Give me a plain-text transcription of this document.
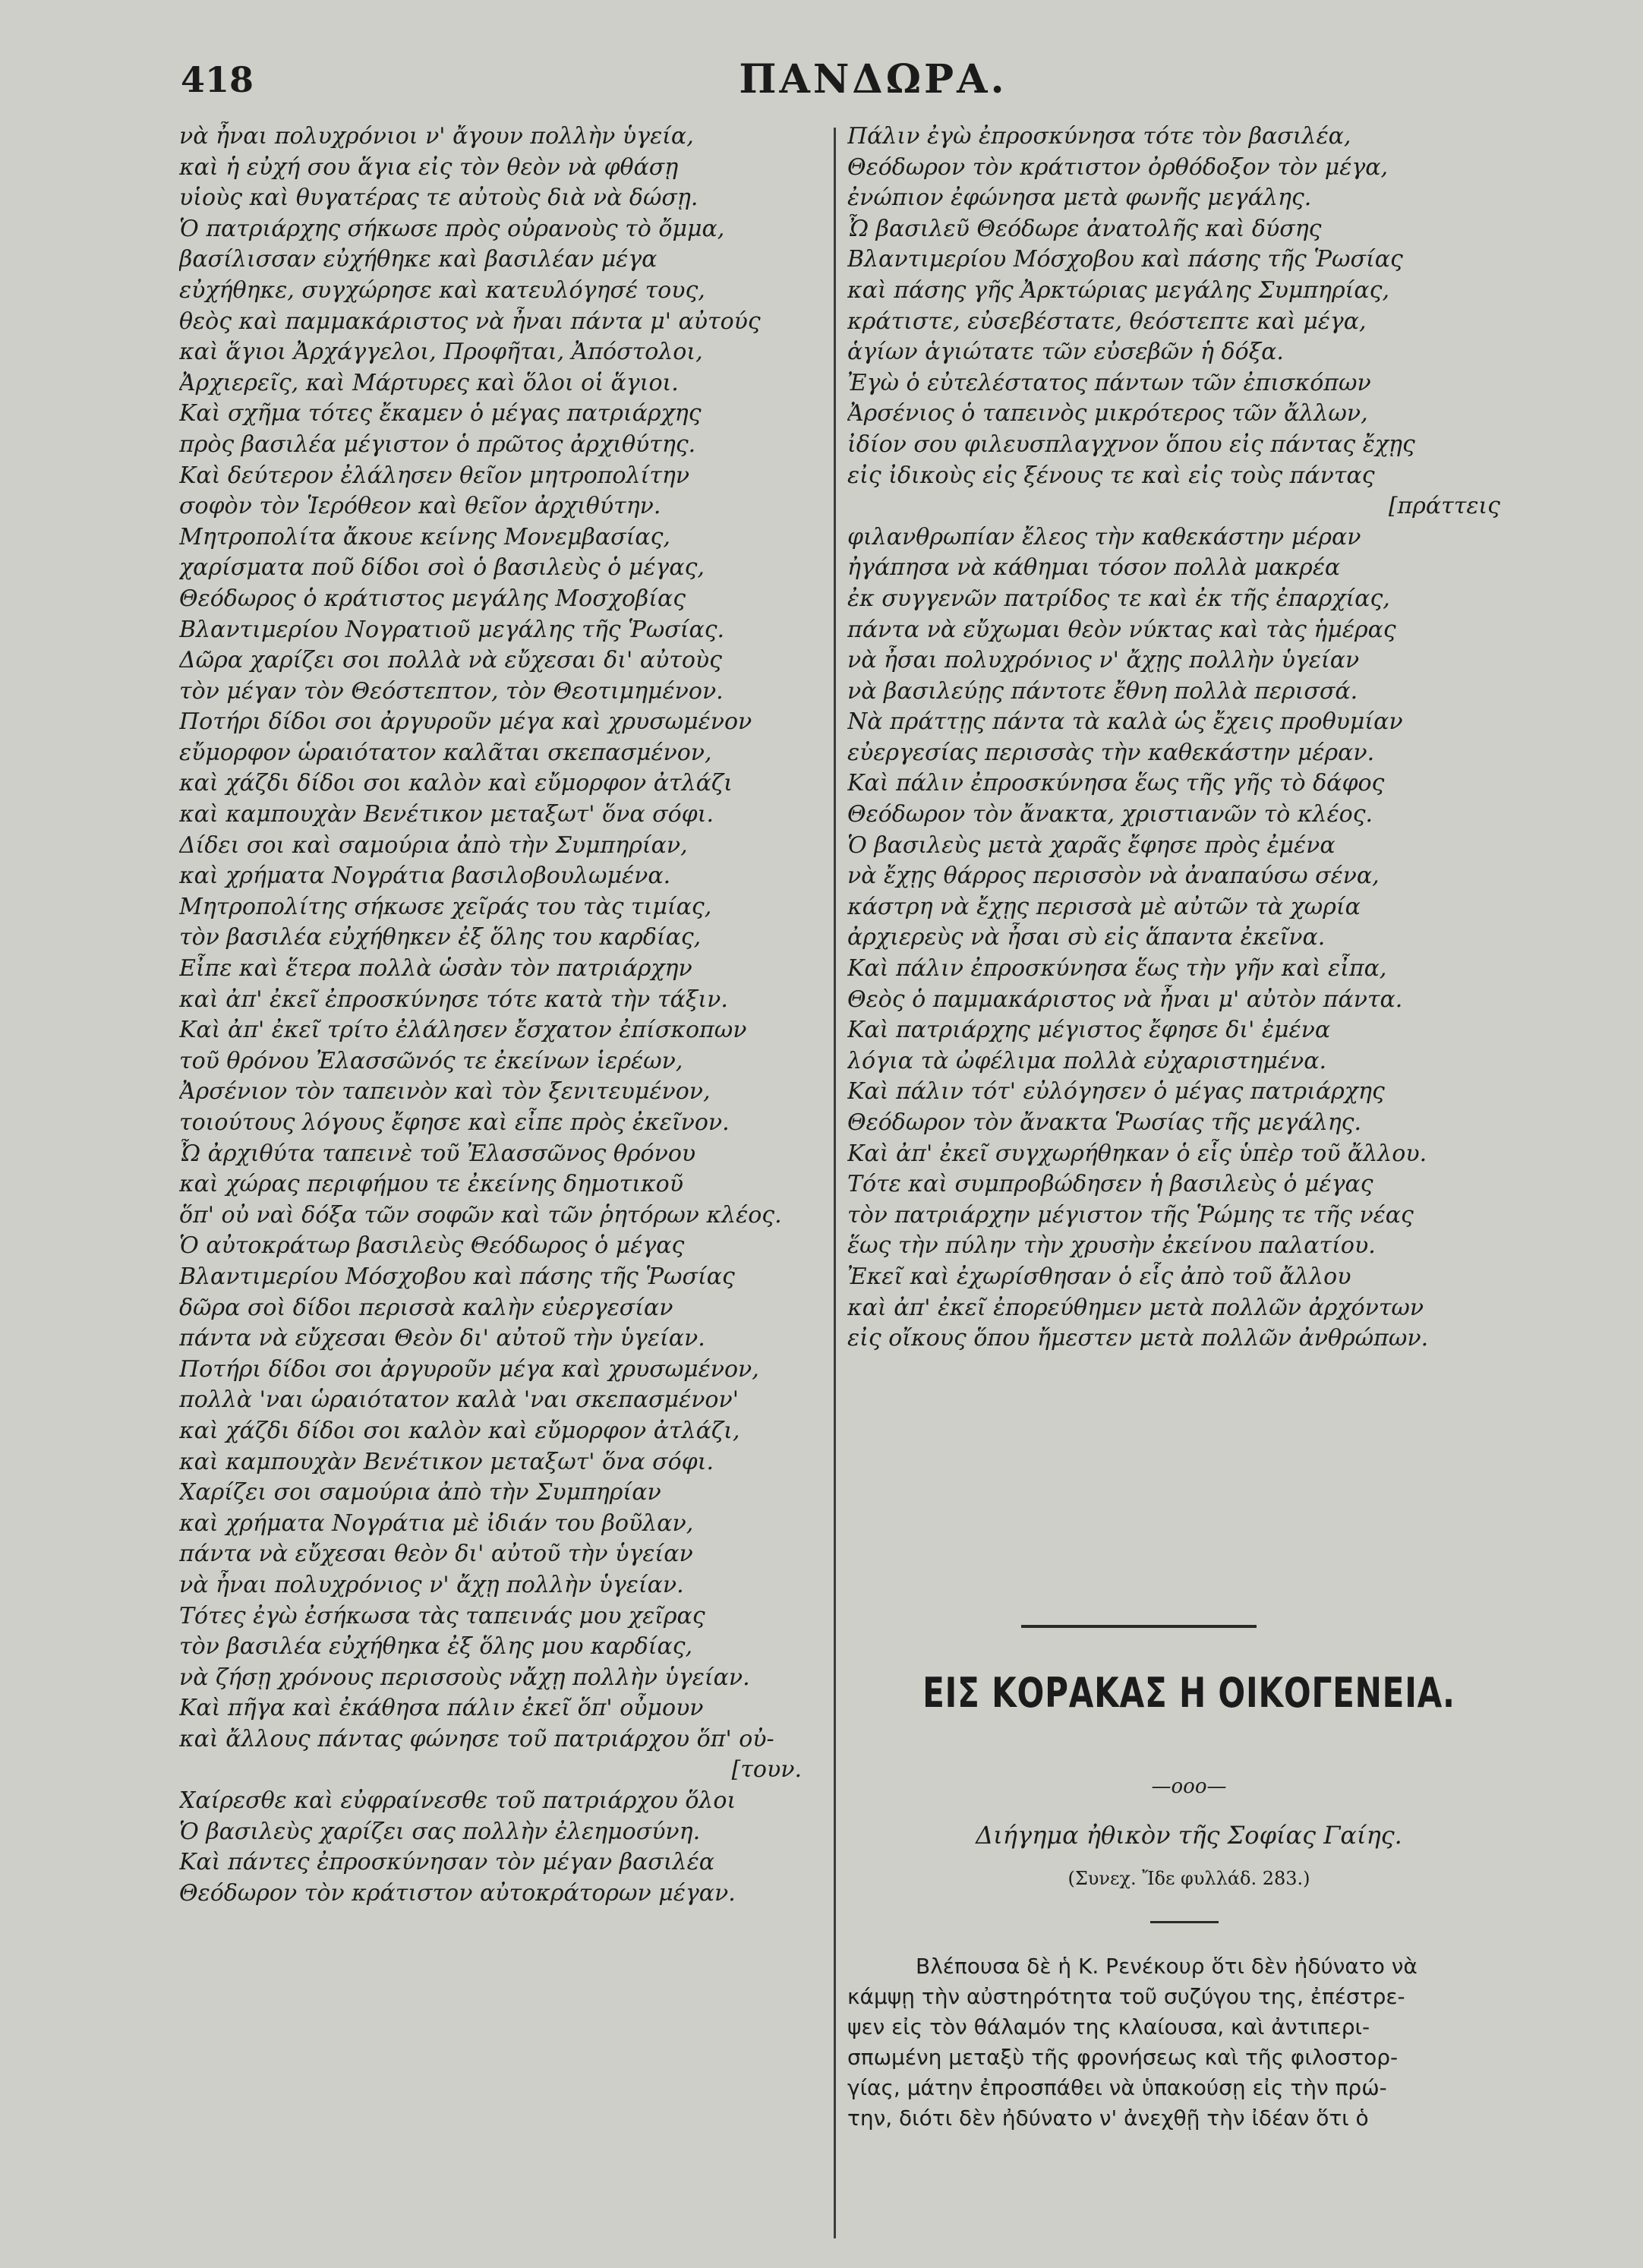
418	ΠΑΝΔΩΡΑ.
νὰ ἦναι πολυχρόνιοι ν' ἄγουν πολλὴν ὑγεία,
καὶ ἡ εὐχή σου ἅγια εἰς τὸν θεὸν νὰ φθάσῃ
υἱοὺς καὶ θυγατέρας τε αὐτοὺς διὰ νὰ δώσῃ.
Ὁ πατριάρχης σήκωσε πρὸς οὐρανοὺς τὸ ὄμμα,
βασίλισσαν εὐχήθηκε καὶ βασιλέαν μέγα
εὐχήθηκε, συγχώρησε καὶ κατευλόγησέ τους,
θεὸς καὶ παμμακάριστος νὰ ἦναι πάντα μ' αὐτούς
καὶ ἅγιοι Ἀρχάγγελοι, Προφῆται, Ἀπόστολοι,
Ἀρχιερεῖς, καὶ Μάρτυρες καὶ ὅλοι οἱ ἅγιοι.
Καὶ σχῆμα τότες ἔκαμεν ὁ μέγας πατριάρχης
πρὸς βασιλέα μέγιστον ὁ πρῶτος ἀρχιθύτης.
Καὶ δεύτερον ἐλάλησεν θεῖον μητροπολίτην
σοφὸν τὸν Ἱερόθεον καὶ θεῖον ἀρχιθύτην.
Μητροπολίτα ἄκουε κείνης Μονεμβασίας,
χαρίσματα ποῦ δίδοι σοὶ ὁ βασιλεὺς ὁ μέγας,
Θεόδωρος ὁ κράτιστος μεγάλης Μοσχοβίας
Βλαντιμερίου Νογρατιοῦ μεγάλης τῆς Ῥωσίας.
Δῶρα χαρίζει σοι πολλὰ νὰ εὔχεσαι δι' αὐτοὺς
τὸν μέγαν τὸν Θεόστεπτον, τὸν Θεοτιμημένον.
Ποτήρι δίδοι σοι ἀργυροῦν μέγα καὶ χρυσωμένον
εὔμορφον ὡραιότατον καλᾶται σκεπασμένον,
καὶ χάζδι δίδοι σοι καλὸν καὶ εὔμορφον ἀτλάζι
καὶ καμπουχὰν Βενέτικον μεταξωτ' ὅνα σόφι.
Δίδει σοι καὶ σαμούρια ἀπὸ τὴν Συμπηρίαν,
καὶ χρήματα Νογράτια βασιλοβουλωμένα.
Μητροπολίτης σήκωσε χεῖράς του τὰς τιμίας,
τὸν βασιλέα εὐχήθηκεν ἐξ ὅλης του καρδίας,
Εἶπε καὶ ἕτερα πολλὰ ὡσὰν τὸν πατριάρχην
καὶ ἀπ' ἐκεῖ ἐπροσκύνησε τότε κατὰ τὴν τάξιν.
Καὶ ἀπ' ἐκεῖ τρίτο ἐλάλησεν ἔσχατον ἐπίσκοπων
τοῦ θρόνου Ἐλασσῶνός τε ἐκείνων ἱερέων,
Ἀρσένιον τὸν ταπεινὸν καὶ τὸν ξενιτευμένον,
τοιούτους λόγους ἔφησε καὶ εἶπε πρὸς ἐκεῖνον.
Ὦ ἀρχιθύτα ταπεινὲ τοῦ Ἐλασσῶνος θρόνου
καὶ χώρας περιφήμου τε ἐκείνης δημοτικοῦ
ὅπ' οὐ ναὶ δόξα τῶν σοφῶν καὶ τῶν ῥητόρων κλέος.
Ὁ αὐτοκράτωρ βασιλεὺς Θεόδωρος ὁ μέγας
Βλαντιμερίου Μόσχοβου καὶ πάσης τῆς Ῥωσίας
δῶρα σοὶ δίδοι περισσὰ καλὴν εὐεργεσίαν
πάντα νὰ εὔχεσαι Θεὸν δι' αὐτοῦ τὴν ὑγείαν.
Ποτήρι δίδοι σοι ἀργυροῦν μέγα καὶ χρυσωμένον,
πολλὰ 'ναι ὡραιότατον καλὰ 'ναι σκεπασμένον'
καὶ χάζδι δίδοι σοι καλὸν καὶ εὔμορφον ἀτλάζι,
καὶ καμπουχὰν Βενέτικον μεταξωτ' ὅνα σόφι.
Χαρίζει σοι σαμούρια ἀπὸ τὴν Συμπηρίαν
καὶ χρήματα Νογράτια μὲ ἰδιάν του βοῦλαν,
πάντα νὰ εὔχεσαι θεὸν δι' αὐτοῦ τὴν ὑγείαν
νὰ ἦναι πολυχρόνιος ν' ἄχῃ πολλὴν ὑγείαν.
Τότες ἐγὼ ἐσήκωσα τὰς ταπεινάς μου χεῖρας
τὸν βασιλέα εὐχήθηκα ἐξ ὅλης μου καρδίας,
νὰ ζήσῃ χρόνους περισσοὺς νἄχῃ πολλὴν ὑγείαν.
Καὶ πῆγα καὶ ἐκάθησα πάλιν ἐκεῖ ὅπ' οὖμουν
καὶ ἄλλους πάντας φώνησε τοῦ πατριάρχου ὅπ' οὐ-
[τουν.
Χαίρεσθε καὶ εὐφραίνεσθε τοῦ πατριάρχου ὅλοι
Ὁ βασιλεὺς χαρίζει σας πολλὴν ἐλεημοσύνη.
Καὶ πάντες ἐπροσκύνησαν τὸν μέγαν βασιλέα
Θεόδωρον τὸν κράτιστον αὐτοκράτορων μέγαν.
Πάλιν ἐγὼ ἐπροσκύνησα τότε τὸν βασιλέα,
Θεόδωρον τὸν κράτιστον ὀρθόδοξον τὸν μέγα,
ἐνώπιον ἐφώνησα μετὰ φωνῆς μεγάλης.
Ὦ βασιλεῦ Θεόδωρε ἀνατολῆς καὶ δύσης
Βλαντιμερίου Μόσχοβου καὶ πάσης τῆς Ῥωσίας
καὶ πάσης γῆς Ἀρκτώριας μεγάλης Συμπηρίας,
κράτιστε, εὐσεβέστατε, θεόστεπτε καὶ μέγα,
ἁγίων ἁγιώτατε τῶν εὐσεβῶν ἡ δόξα.
Ἐγὼ ὁ εὐτελέστατος πάντων τῶν ἐπισκόπων
Ἀρσένιος ὁ ταπεινὸς μικρότερος τῶν ἄλλων,
ἰδίον σου φιλευσπλαγχνον ὅπου εἰς πάντας ἔχῃς
εἰς ἰδικοὺς εἰς ξένους τε καὶ εἰς τοὺς πάντας
[πράττεις
φιλανθρωπίαν ἔλεος τὴν καθεκάστην μέραν
ἠγάπησα νὰ κάθημαι τόσον πολλὰ μακρέα
ἐκ συγγενῶν πατρίδος τε καὶ ἐκ τῆς ἐπαρχίας,
πάντα νὰ εὔχωμαι θεὸν νύκτας καὶ τὰς ἡμέρας
νὰ ἦσαι πολυχρόνιος ν' ἄχῃς πολλὴν ὑγείαν
νὰ βασιλεύῃς πάντοτε ἔθνη πολλὰ περισσά.
Νὰ πράττῃς πάντα τὰ καλὰ ὡς ἔχεις προθυμίαν
εὐεργεσίας περισσὰς τὴν καθεκάστην μέραν.
Καὶ πάλιν ἐπροσκύνησα ἕως τῆς γῆς τὸ δάφος
Θεόδωρον τὸν ἄνακτα, χριστιανῶν τὸ κλέος.
Ὁ βασιλεὺς μετὰ χαρᾶς ἔφησε πρὸς ἐμένα
νὰ ἔχῃς θάρρος περισσὸν νὰ ἀναπαύσω σένα,
κάστρη νὰ ἔχῃς περισσὰ μὲ αὐτῶν τὰ χωρία
ἀρχιερεὺς νὰ ἦσαι σὺ εἰς ἅπαντα ἐκεῖνα.
Καὶ πάλιν ἐπροσκύνησα ἕως τὴν γῆν καὶ εἶπα,
Θεὸς ὁ παμμακάριστος νὰ ἦναι μ' αὐτὸν πάντα.
Καὶ πατριάρχης μέγιστος ἔφησε δι' ἐμένα
λόγια τὰ ὠφέλιμα πολλὰ εὐχαριστημένα.
Καὶ πάλιν τότ' εὐλόγησεν ὁ μέγας πατριάρχης
Θεόδωρον τὸν ἄνακτα Ῥωσίας τῆς μεγάλης.
Καὶ ἀπ' ἐκεῖ συγχωρήθηκαν ὁ εἷς ὑπὲρ τοῦ ἄλλου.
Τότε καὶ συμπροβώδησεν ἡ βασιλεὺς ὁ μέγας
τὸν πατριάρχην μέγιστον τῆς Ῥώμης τε τῆς νέας
ἕως τὴν πύλην τὴν χρυσὴν ἐκείνου παλατίου.
Ἐκεῖ καὶ ἐχωρίσθησαν ὁ εἷς ἀπὸ τοῦ ἄλλου
καὶ ἀπ' ἐκεῖ ἐπορεύθημεν μετὰ πολλῶν ἀρχόντων
εἰς οἴκους ὅπου ἤμεστεν μετὰ πολλῶν ἀνθρώπων.
ΕΙΣ ΚΟΡΑΚΑΣ Η ΟΙΚΟΓΕΝΕΙΑ.
—οοο—
Διήγημα ἠθικὸν τῆς Σοφίας Γαίης.
(Συνεχ. Ἴδε φυλλάδ. 283.)
Βλέπουσα δὲ ἡ Κ. Ρενέκουρ ὅτι δὲν ἠδύνατο νὰ
κάμψῃ τὴν αὐστηρότητα τοῦ συζύγου της, ἐπέστρε-
ψεν εἰς τὸν θάλαμόν της κλαίουσα, καὶ ἀντιπερι-
σπωμένη μεταξὺ τῆς φρονήσεως καὶ τῆς φιλοστορ-
γίας, μάτην ἐπροσπάθει νὰ ὑπακούσῃ εἰς τὴν πρώ-
την, διότι δὲν ἠδύνατο ν' ἀνεχθῇ τὴν ἰδέαν ὅτι ὁ
